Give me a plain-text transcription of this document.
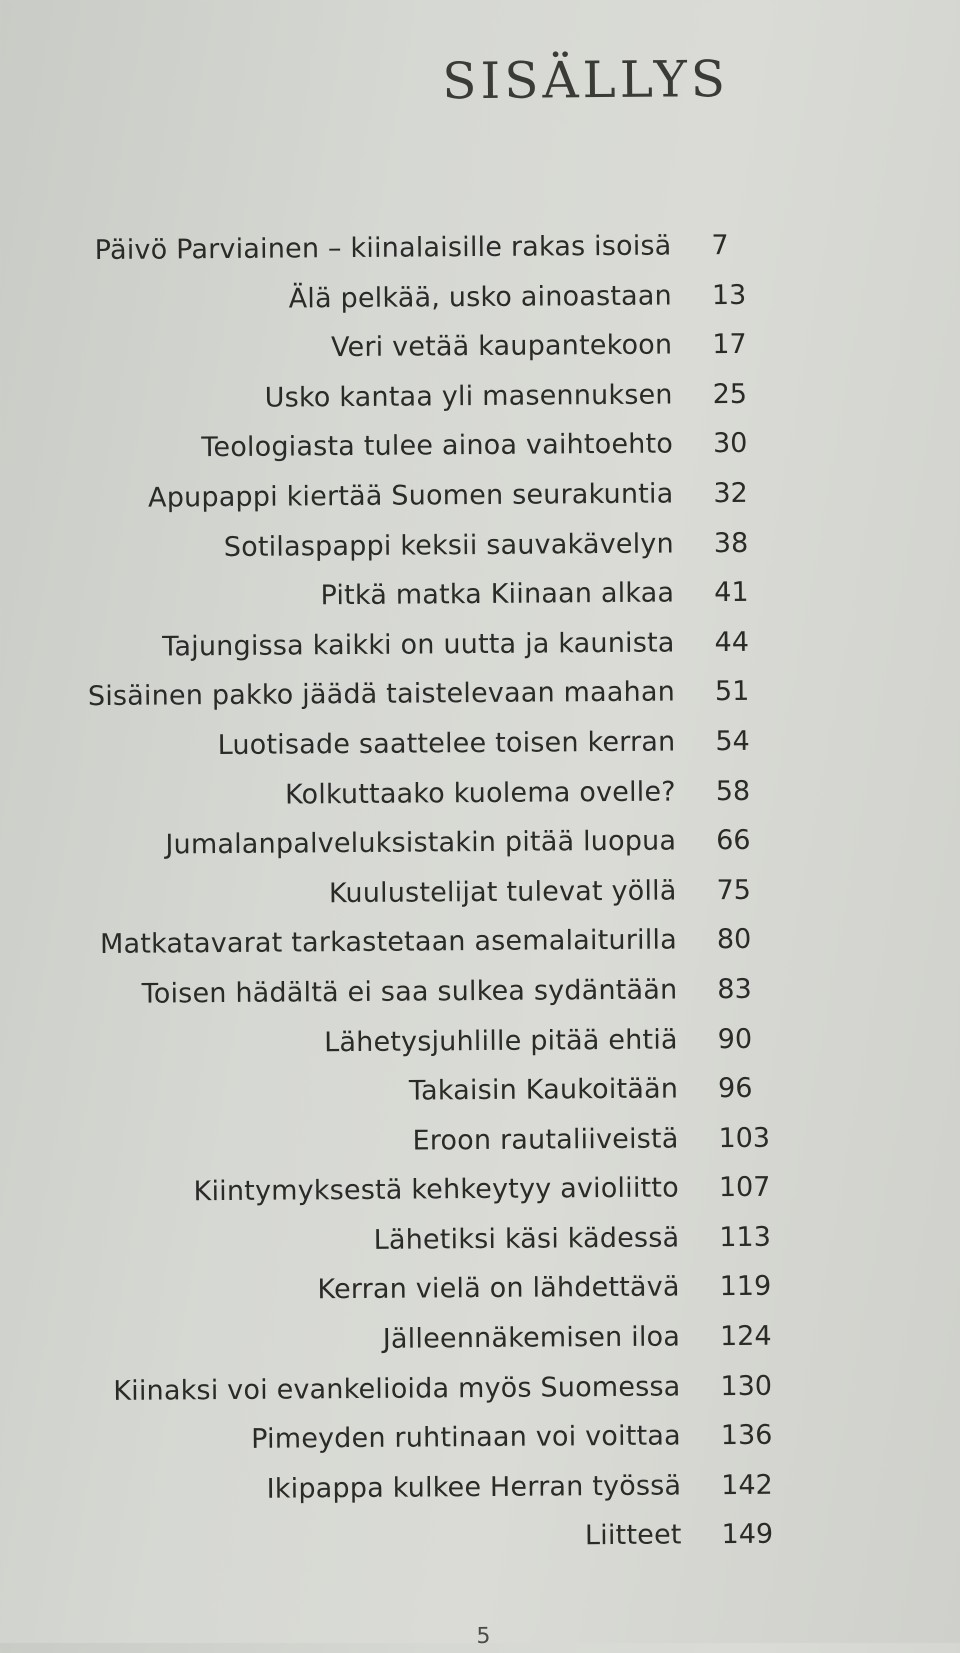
SISÄLLYS
Päivö Parviainen – kiinalaisille rakas isoisä	7
Älä pelkää, usko ainoastaan	13
Veri vetää kaupantekoon	17
Usko kantaa yli masennuksen	25
Teologiasta tulee ainoa vaihtoehto	30
Apupappi kiertää Suomen seurakuntia	32
Sotilaspappi keksii sauvakävelyn	38
Pitkä matka Kiinaan alkaa	41
Tajungissa kaikki on uutta ja kaunista	44
Sisäinen pakko jäädä taistelevaan maahan	51
Luotisade saattelee toisen kerran	54
Kolkuttaako kuolema ovelle?	58
Jumalanpalveluksistakin pitää luopua	66
Kuulustelijat tulevat yöllä	75
Matkatavarat tarkastetaan asemalaiturilla	80
Toisen hädältä ei saa sulkea sydäntään	83
Lähetysjuhlille pitää ehtiä	90
Takaisin Kaukoitään	96
Eroon rautaliiveistä	103
Kiintymyksestä kehkeytyy avioliitto	107
Lähetiksi käsi kädessä	113
Kerran vielä on lähdettävä	119
Jälleennäkemisen iloa	124
Kiinaksi voi evankelioida myös Suomessa	130
Pimeyden ruhtinaan voi voittaa	136
Ikipappa kulkee Herran työssä	142
Liitteet	149
5
